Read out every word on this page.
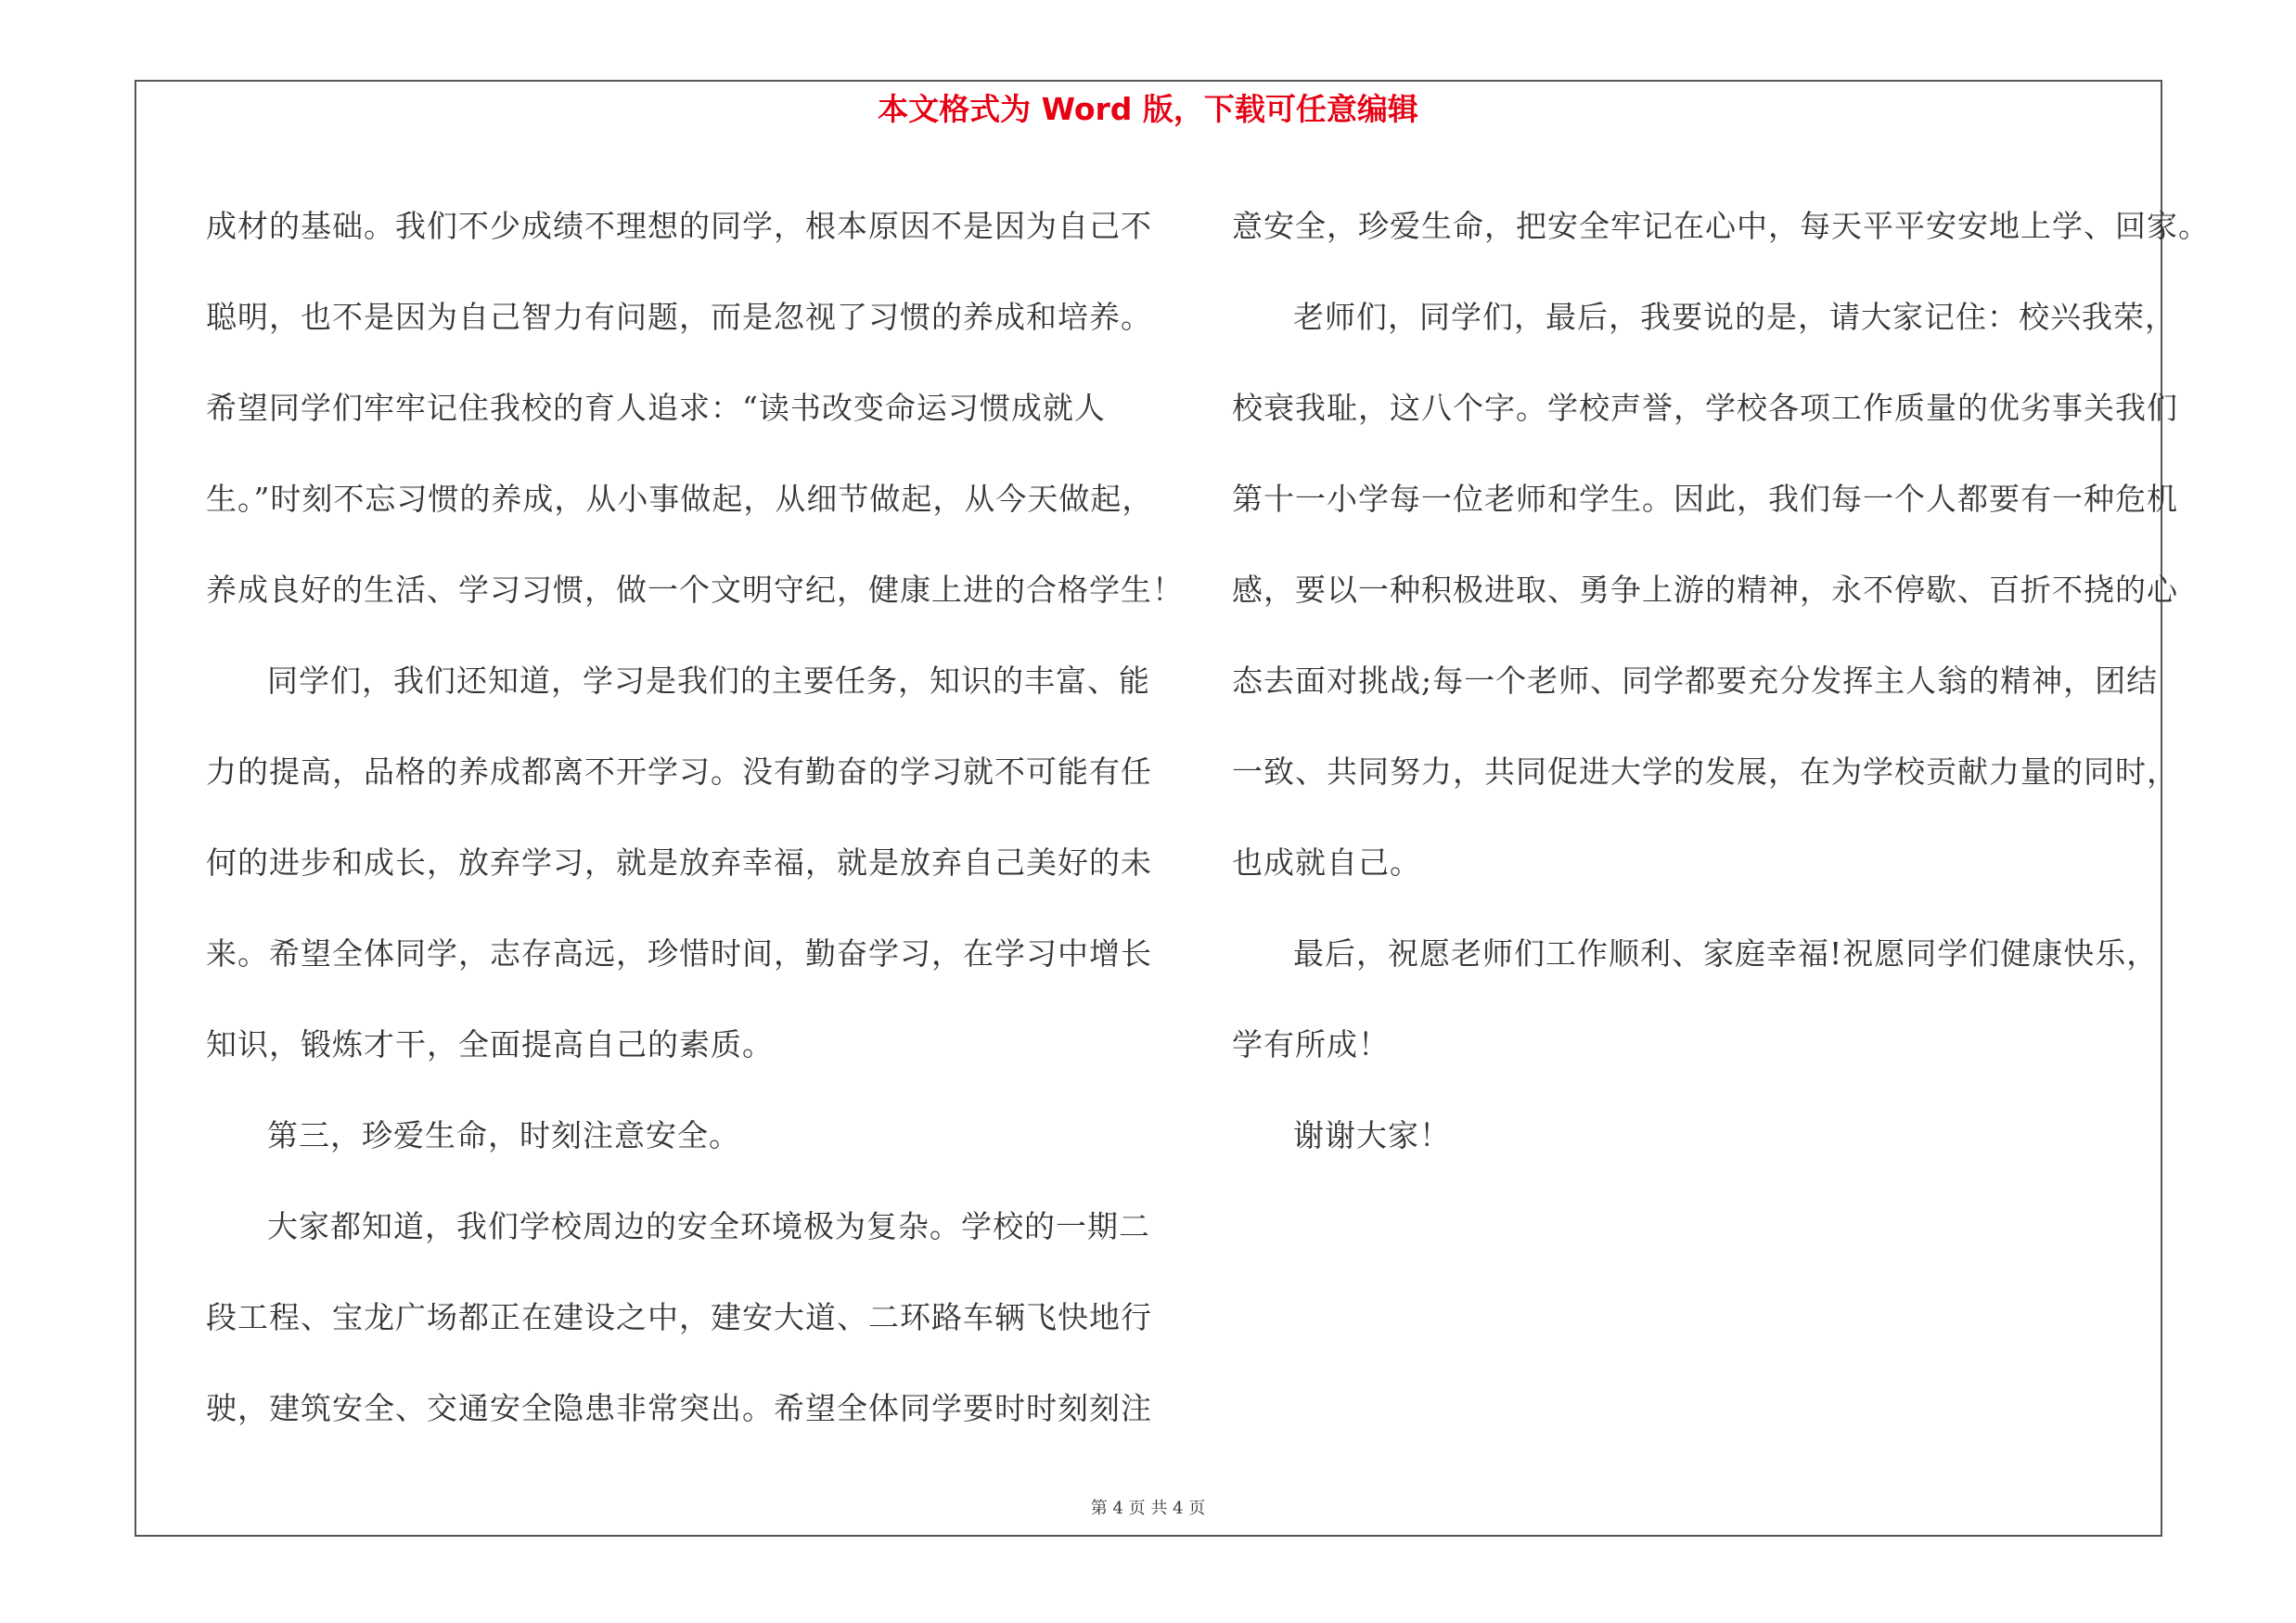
本文格式为 Word 版，下载可任意编辑
成材的基础。我们不少成绩不理想的同学，根本原因不是因为自己不
聪明，也不是因为自己智力有问题，而是忽视了习惯的养成和培养。
希望同学们牢牢记住我校的育人追求：“读书改变命运习惯成就人
生。”时刻不忘习惯的养成，从小事做起，从细节做起，从今天做起，
养成良好的生活、学习习惯，做一个文明守纪，健康上进的合格学生！
同学们，我们还知道，学习是我们的主要任务，知识的丰富、能
力的提高，品格的养成都离不开学习。没有勤奋的学习就不可能有任
何的进步和成长，放弃学习，就是放弃幸福，就是放弃自己美好的未
来。希望全体同学，志存高远，珍惜时间，勤奋学习，在学习中增长
知识，锻炼才干，全面提高自己的素质。
第三，珍爱生命，时刻注意安全。
大家都知道，我们学校周边的安全环境极为复杂。学校的一期二
段工程、宝龙广场都正在建设之中，建安大道、二环路车辆飞快地行
驶，建筑安全、交通安全隐患非常突出。希望全体同学要时时刻刻注
意安全，珍爱生命，把安全牢记在心中，每天平平安安地上学、回家。
老师们，同学们，最后，我要说的是，请大家记住：校兴我荣，
校衰我耻，这八个字。学校声誉，学校各项工作质量的优劣事关我们
第十一小学每一位老师和学生。因此，我们每一个人都要有一种危机
感，要以一种积极进取、勇争上游的精神，永不停歇、百折不挠的心
态去面对挑战;每一个老师、同学都要充分发挥主人翁的精神，团结
一致、共同努力，共同促进大学的发展，在为学校贡献力量的同时，
也成就自己。
最后，祝愿老师们工作顺利、家庭幸福!祝愿同学们健康快乐，
学有所成！
谢谢大家！
第 4 页 共 4 页
